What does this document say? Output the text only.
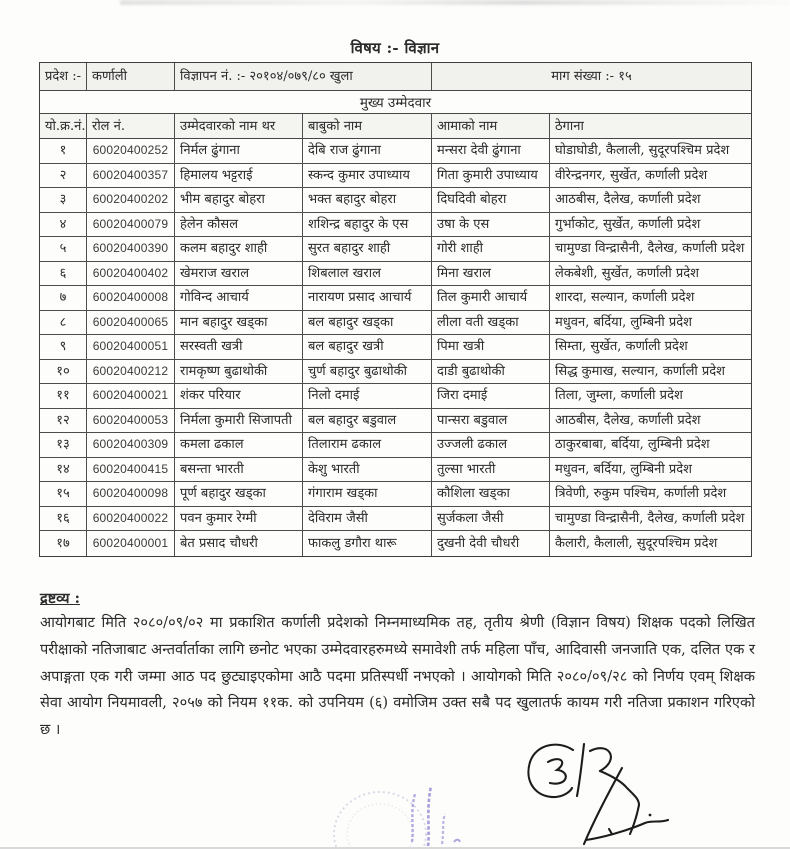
विषय :- विज्ञान
प्रदेश :- कर्णाली	विज्ञापन नं. :- २०१०४/०७९/८० खुला	माग संख्या :- १५
मुख्य उम्मेदवार
यो.क्र.नं. रोल नं.	उम्मेदवारको नाम थर	बाबुको नाम	आमाको नाम	ठेगाना
१	60020400252 निर्मल ढुंगाना	देबि राज ढुंगाना	मन्सरा देवी ढुंगाना	घोडाघोडी, कैलाली, सुदूरपश्चिम प्रदेश
२	60020400357 हिमालय भट्टराई	स्कन्द कुमार उपाध्याय	गिता कुमारी उपाध्याय	वीरेन्द्रनगर, सुर्खेत, कर्णाली प्रदेश
३	60020400202 भीम बहादुर बोहरा	भक्त बहादुर बोहरा	दिघदिवी बोहरा	आठबीस, दैलेख, कर्णाली प्रदेश
४	60020400079 हेलेन कौसल	शशिन्द्र बहादुर के एस	उषा के एस	गुर्भाकोट, सुर्खेत, कर्णाली प्रदेश
५	60020400390 कलम बहादुर शाही	सुरत बहादुर शाही	गोरी शाही	चामुण्डा विन्द्रासैनी, दैलेख, कर्णाली प्रदेश
६	60020400402 खेमराज खराल	शिबलाल खराल	मिना खराल	लेकबेशी, सुर्खेत, कर्णाली प्रदेश
७	60020400008 गोविन्द आचार्य	नारायण प्रसाद आचार्य	तिल कुमारी आचार्य	शारदा, सल्यान, कर्णाली प्रदेश
८	60020400065 मान बहादुर खड्का	बल बहादुर खड्का	लीला वती खड्का	मधुवन, बर्दिया, लुम्बिनी प्रदेश
९	60020400051 सरस्वती खत्री	बल बहादुर खत्री	पिमा खत्री	सिम्ता, सुर्खेत, कर्णाली प्रदेश
१०	60020400212 रामकृष्ण बुढाथोकी	चुर्ण बहादुर बुढाथोकी	दाडी बुढाथोकी	सिद्ध कुमाख, सल्यान, कर्णाली प्रदेश
११	60020400021 शंकर परियार	निलो दमाई	जिरा दमाई	तिला, जुम्ला, कर्णाली प्रदेश
१२	60020400053 निर्मला कुमारी सिजापती	बल बहादुर बडुवाल	पान्सरा बडुवाल	आठबीस, दैलेख, कर्णाली प्रदेश
१३	60020400309 कमला ढकाल	तिलाराम ढकाल	उज्जली ढकाल	ठाकुरबाबा, बर्दिया, लुम्बिनी प्रदेश
१४	60020400415 बसन्ता भारती	केशु भारती	तुल्सा भारती	मधुवन, बर्दिया, लुम्बिनी प्रदेश
१५	60020400098 पूर्ण बहादुर खड्का	गंगाराम खड्का	कौशिला खड्का	त्रिवेणी, रुकुम पश्चिम, कर्णाली प्रदेश
१६	60020400022 पवन कुमार रेग्मी	देविराम जैसी	सुर्जकला जैसी	चामुण्डा विन्द्रासैनी, दैलेख, कर्णाली प्रदेश
१७	60020400001 बेत प्रसाद चौधरी	फाकलु डगौरा थारू	दुखनी देवी चौधरी	कैलारी, कैलाली, सुदूरपश्चिम प्रदेश
द्रष्टव्य :
आयोगबाट मिति २०८०/०९/०२ मा प्रकाशित कर्णाली प्रदेशको निम्नमाध्यमिक तह, तृतीय श्रेणी (विज्ञान विषय) शिक्षक पदको लिखित परीक्षाको नतिजाबाट अन्तर्वार्ताका लागि छनोट भएका उम्मेदवारहरुमध्ये समावेशी तर्फ महिला पाँच, आदिवासी जनजाति एक, दलित एक र अपाङ्गता एक गरी जम्मा आठ पद छुट्याइएकोमा आठै पदमा प्रतिस्पर्धी नभएको । आयोगको मिति २०८०/०९/२८ को निर्णय एवम् शिक्षक सेवा आयोग नियमावली, २०५७ को नियम ११क. को उपनियम (६) वमोजिम उक्त सबै पद खुलातर्फ कायम गरी नतिजा प्रकाशन गरिएको छ ।
